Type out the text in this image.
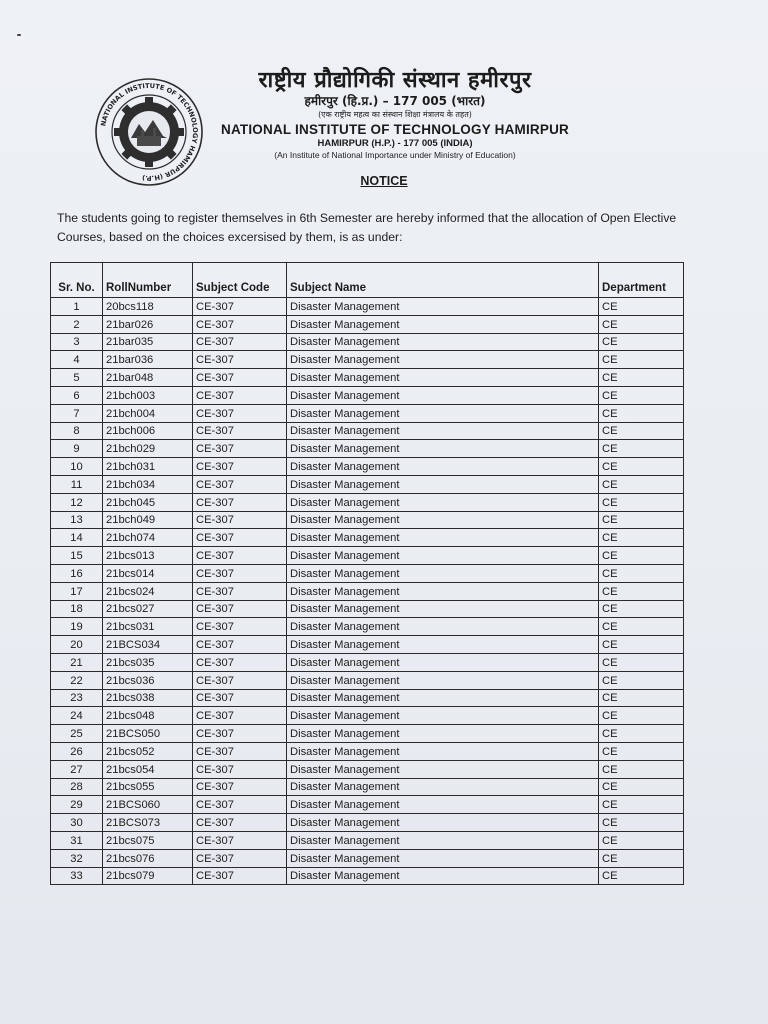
NATIONAL INSTITUTE OF TECHNOLOGY HAMIRPUR (H.P.)
राष्ट्रीय प्रौद्योगिकी संस्थान हमीरपुर
हमीरपुर (हि.प्र.) – 177 005 (भारत)
(एक राष्ट्रीय महत्व का संस्थान शिक्षा मंत्रालय के तहत)
NATIONAL INSTITUTE OF TECHNOLOGY HAMIRPUR
HAMIRPUR (H.P.) - 177 005 (INDIA)
(An Institute of National Importance under Ministry of Education)
NOTICE
The students going to register themselves in 6th Semester are hereby informed that the allocation of Open Elective Courses, based on the choices excersised by them, is as under:
Sr. No.	RollNumber	Subject Code	Subject Name	Department
1	20bcs118	CE-307	Disaster Management	CE
2	21bar026	CE-307	Disaster Management	CE
3	21bar035	CE-307	Disaster Management	CE
4	21bar036	CE-307	Disaster Management	CE
5	21bar048	CE-307	Disaster Management	CE
6	21bch003	CE-307	Disaster Management	CE
7	21bch004	CE-307	Disaster Management	CE
8	21bch006	CE-307	Disaster Management	CE
9	21bch029	CE-307	Disaster Management	CE
10	21bch031	CE-307	Disaster Management	CE
11	21bch034	CE-307	Disaster Management	CE
12	21bch045	CE-307	Disaster Management	CE
13	21bch049	CE-307	Disaster Management	CE
14	21bch074	CE-307	Disaster Management	CE
15	21bcs013	CE-307	Disaster Management	CE
16	21bcs014	CE-307	Disaster Management	CE
17	21bcs024	CE-307	Disaster Management	CE
18	21bcs027	CE-307	Disaster Management	CE
19	21bcs031	CE-307	Disaster Management	CE
20	21BCS034	CE-307	Disaster Management	CE
21	21bcs035	CE-307	Disaster Management	CE
22	21bcs036	CE-307	Disaster Management	CE
23	21bcs038	CE-307	Disaster Management	CE
24	21bcs048	CE-307	Disaster Management	CE
25	21BCS050	CE-307	Disaster Management	CE
26	21bcs052	CE-307	Disaster Management	CE
27	21bcs054	CE-307	Disaster Management	CE
28	21bcs055	CE-307	Disaster Management	CE
29	21BCS060	CE-307	Disaster Management	CE
30	21BCS073	CE-307	Disaster Management	CE
31	21bcs075	CE-307	Disaster Management	CE
32	21bcs076	CE-307	Disaster Management	CE
33	21bcs079	CE-307	Disaster Management	CE
